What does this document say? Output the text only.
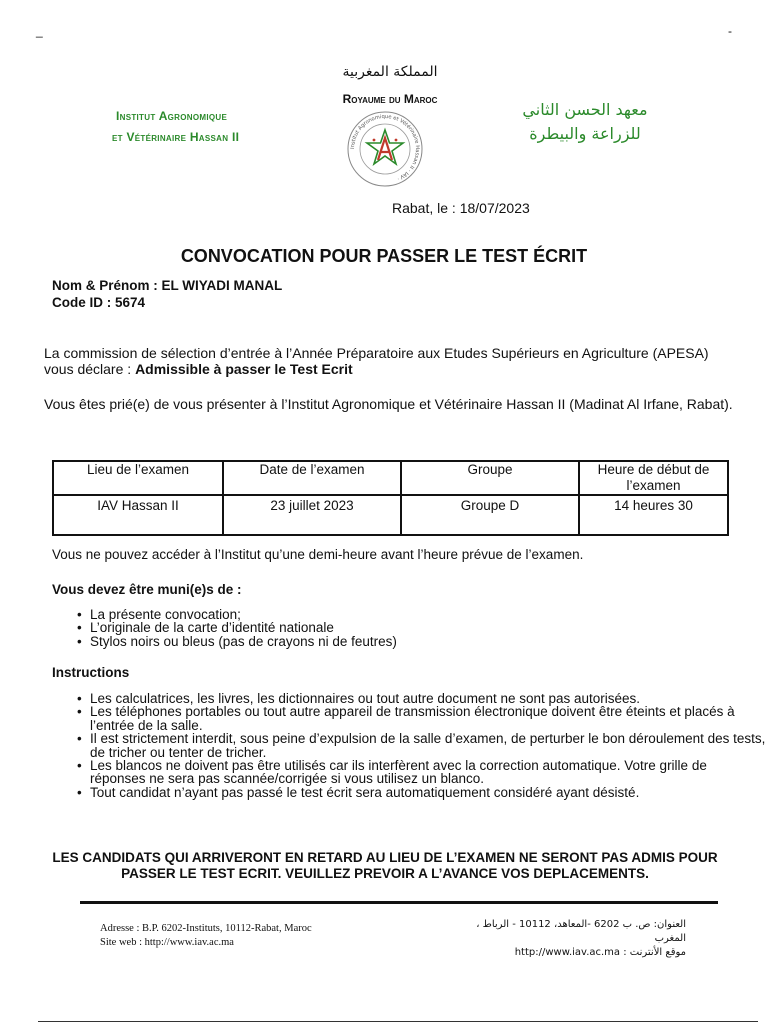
_	-
Institut Agronomique
et Vétérinaire Hassan II
المملكة المغربية
Royaume du Maroc
Institut Agronomique et Vétérinaire Hassan II · IAV ·
معهد الحسن الثاني
للزراعة والبيطرة
Rabat, le : 18/07/2023
CONVOCATION POUR PASSER LE TEST ÉCRIT
Nom & Prénom : EL WIYADI MANAL
Code ID : 5674
La commission de sélection d’entrée à l’Année Préparatoire aux Etudes Supérieurs en Agriculture (APESA) vous déclare : Admissible à passer le Test Ecrit
Vous êtes prié(e) de vous présenter à l’Institut Agronomique et Vétérinaire Hassan II (Madinat Al Irfane, Rabat).
Lieu de l’examen	Date de l’examen	Groupe	Heure de début de l’examen
IAV Hassan II	23 juillet 2023	Groupe D	14 heures 30
Vous ne pouvez accéder à l’Institut qu’une demi-heure avant l’heure prévue de l’examen.
Vous devez être muni(e)s de :
• La présente convocation;
• L’originale de la carte d’identité nationale
• Stylos noirs ou bleus (pas de crayons ni de feutres)
Instructions
• Les calculatrices, les livres, les dictionnaires ou tout autre document ne sont pas autorisées.
• Les téléphones portables ou tout autre appareil de transmission électronique doivent être éteints et placés à l’entrée de la salle.
• Il est strictement interdit, sous peine d’expulsion de la salle d’examen, de perturber le bon déroulement des tests, de tricher ou tenter de tricher.
• Les blancos ne doivent pas être utilisés car ils interfèrent avec la correction automatique. Votre grille de réponses ne sera pas scannée/corrigée si vous utilisez un blanco.
• Tout candidat n’ayant pas passé le test écrit sera automatiquement considéré ayant désisté.
LES CANDIDATS QUI ARRIVERONT EN RETARD AU LIEU DE L’EXAMEN NE SERONT PAS ADMIS POUR PASSER LE TEST ECRIT. VEUILLEZ PREVOIR A L’AVANCE VOS DEPLACEMENTS.
Adresse : B.P. 6202-Instituts, 10112-Rabat, Maroc
Site web : http://www.iav.ac.ma
العنوان: ص. ب 6202 -المعاهد، 10112 - الرباط ، المغرب
موقع الأنترنت : http://www.iav.ac.ma
